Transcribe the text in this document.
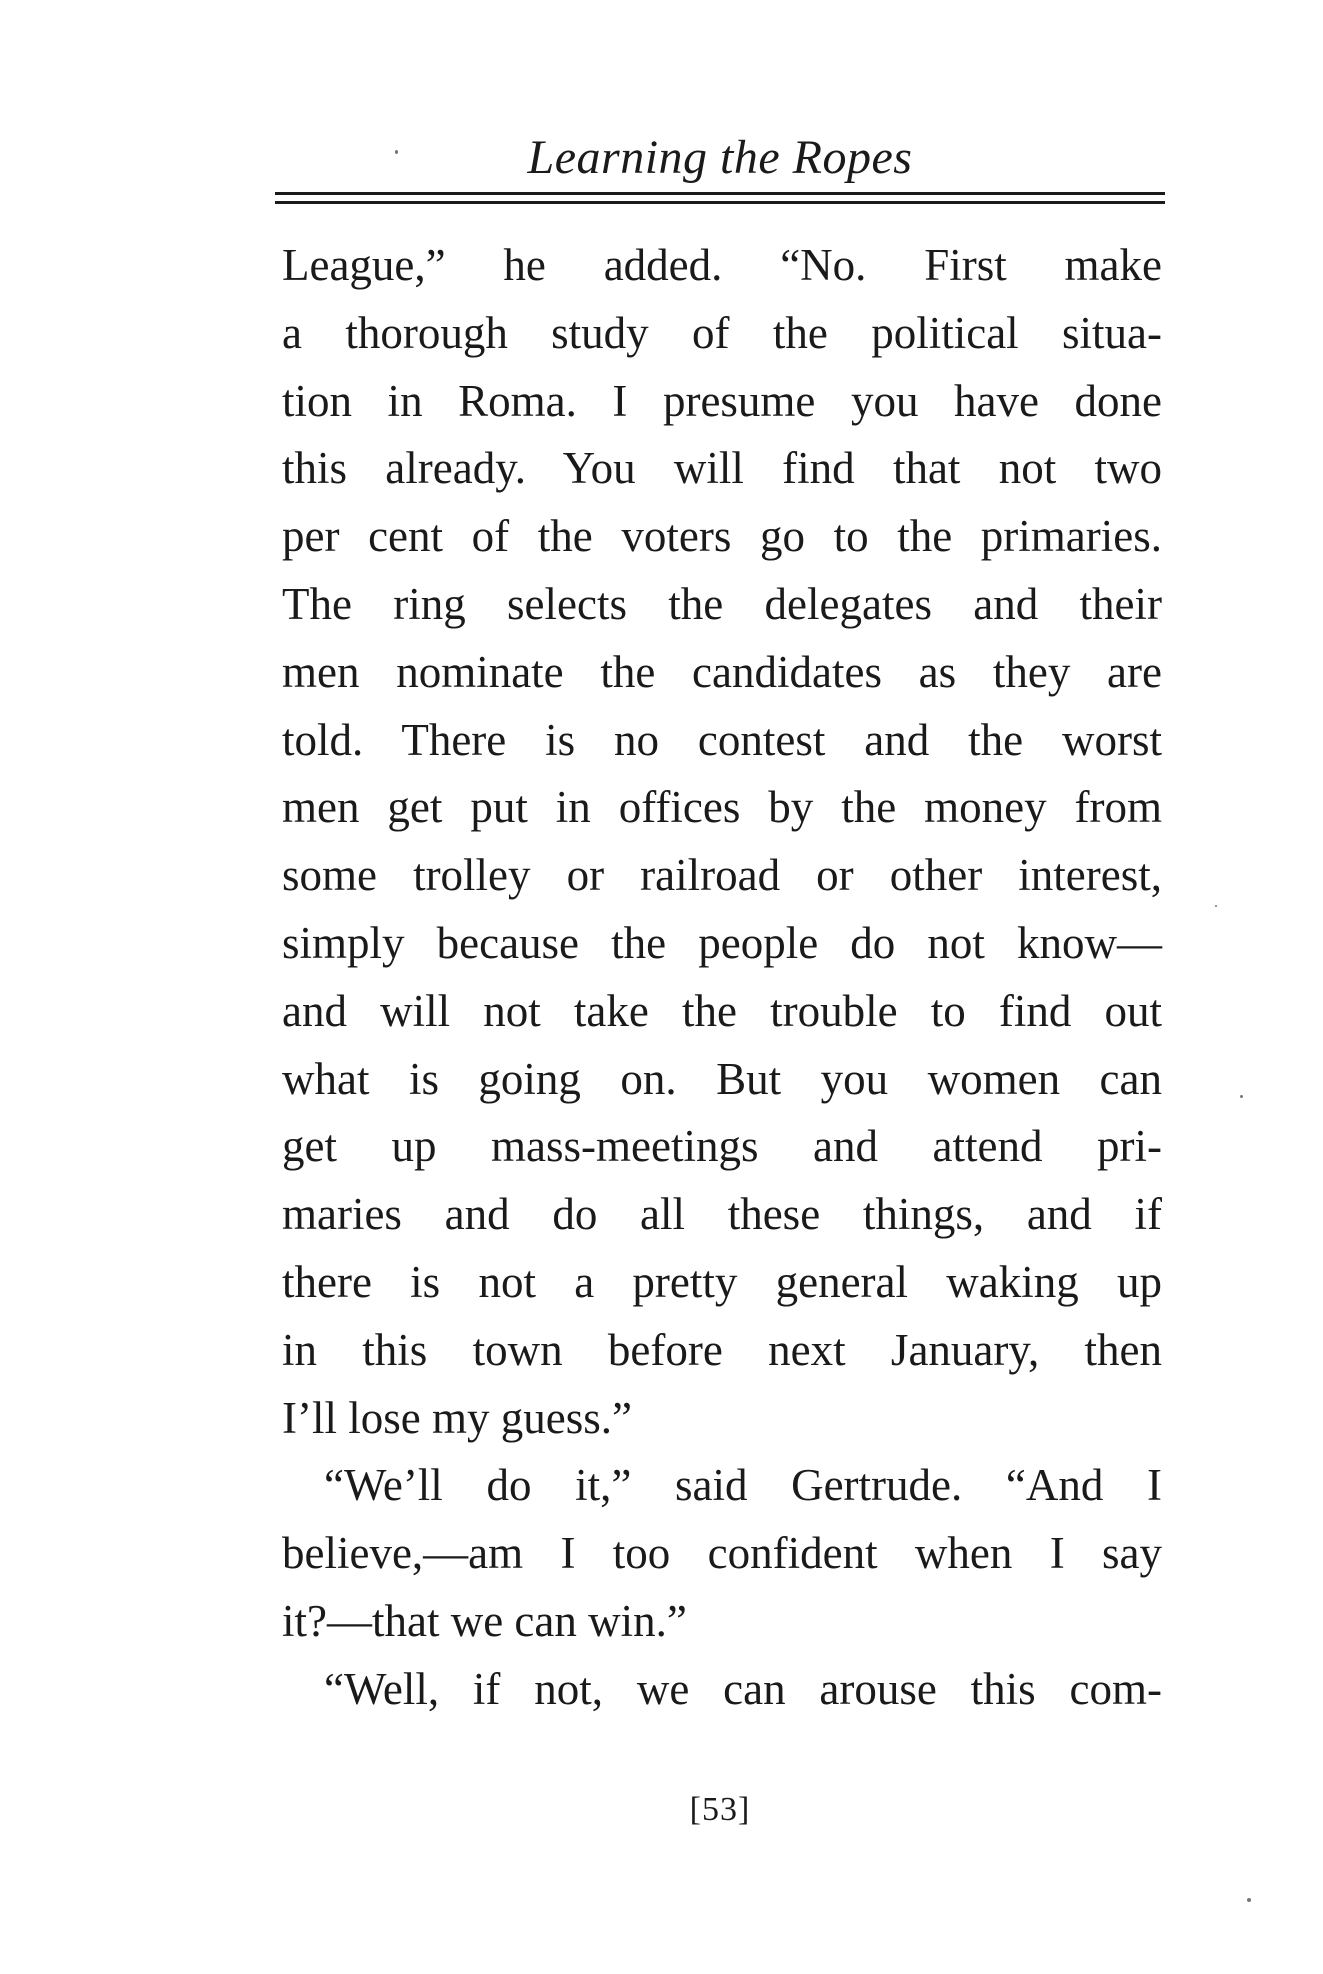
Learning the Ropes
League,” he added. “No. First make
a thorough study of the political situa-
tion in Roma. I presume you have done
this already. You will find that not two
per cent of the voters go to the primaries.
The ring selects the delegates and their
men nominate the candidates as they are
told. There is no contest and the worst
men get put in offices by the money from
some trolley or railroad or other interest,
simply because the people do not know—
and will not take the trouble to find out
what is going on. But you women can
get up mass-meetings and attend pri-
maries and do all these things, and if
there is not a pretty general waking up
in this town before next January, then
I’ll lose my guess.”
“We’ll do it,” said Gertrude. “And I
believe,—am I too confident when I say
it?—that we can win.”
“Well, if not, we can arouse this com-
[53]
